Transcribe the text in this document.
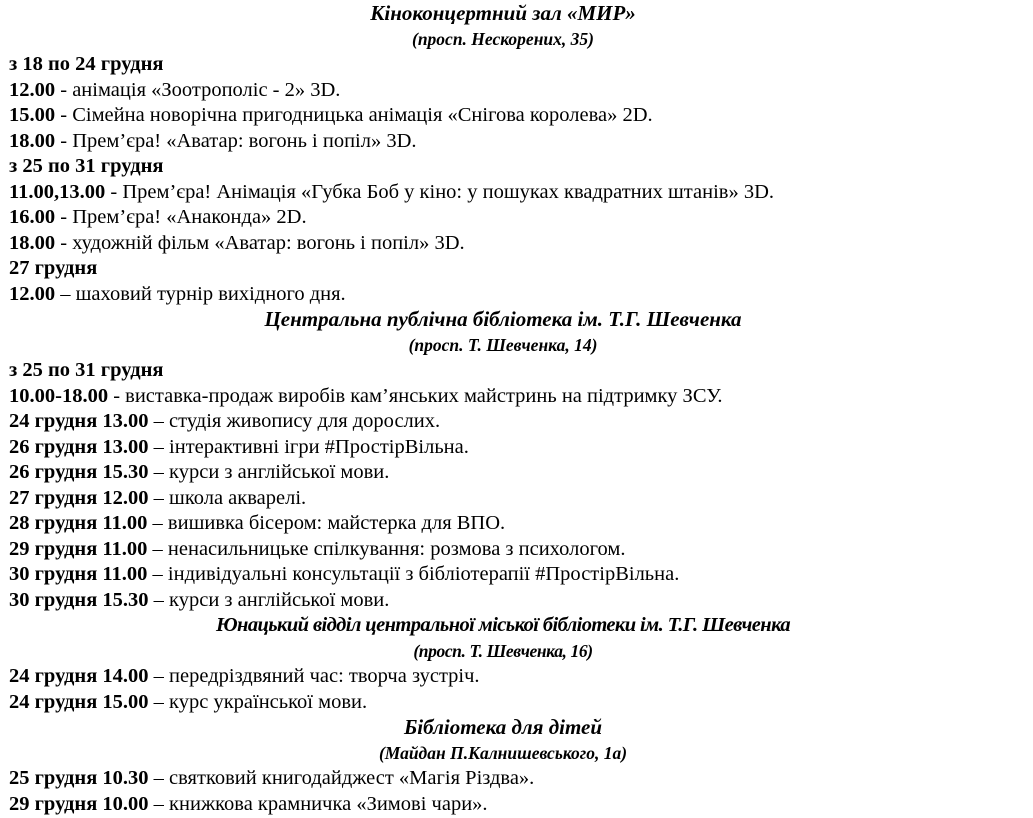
Кіноконцертний зал «МИР»
(просп. Нескорених, 35)
з 18 по 24 грудня
12.00 - анімація «Зоотрополіс - 2» 3D.
15.00 - Сімейна новорічна пригодницька анімація «Снігова королева» 2D.
18.00 - Прем’єра! «Аватар: вогонь і попіл» 3D.
з 25 по 31 грудня
11.00,13.00 - Прем’єра! Анімація «Губка Боб у кіно: у пошуках квадратних штанів» 3D.
16.00 - Прем’єра! «Анаконда» 2D.
18.00 - художній фільм «Аватар: вогонь і попіл» 3D.
27 грудня
12.00 – шаховий турнір вихідного дня.
Центральна публічна бібліотека ім. Т.Г. Шевченка
(просп. Т. Шевченка, 14)
з 25 по 31 грудня
10.00-18.00 - виставка-продаж виробів кам’янських майстринь на підтримку ЗСУ.
24 грудня 13.00 – студія живопису для дорослих.
26 грудня 13.00 – інтерактивні ігри #ПростірВільна.
26 грудня 15.30 – курси з англійської мови.
27 грудня 12.00 – школа акварелі.
28 грудня 11.00 – вишивка бісером: майстерка для ВПО.
29 грудня 11.00 – ненасильницьке спілкування: розмова з психологом.
30 грудня 11.00 – індивідуальні консультації з бібліотерапії #ПростірВільна.
30 грудня 15.30 – курси з англійської мови.
Юнацький відділ центральної міської бібліотеки ім. Т.Г. Шевченка
(просп. Т. Шевченка, 16)
24 грудня 14.00 – передріздвяний час: творча зустріч.
24 грудня 15.00 – курс української мови.
Бібліотека для дітей
(Майдан П.Калнишевського, 1а)
25 грудня 10.30 – святковий книгодайджест «Магія Різдва».
29 грудня 10.00 – книжкова крамничка «Зимові чари».
